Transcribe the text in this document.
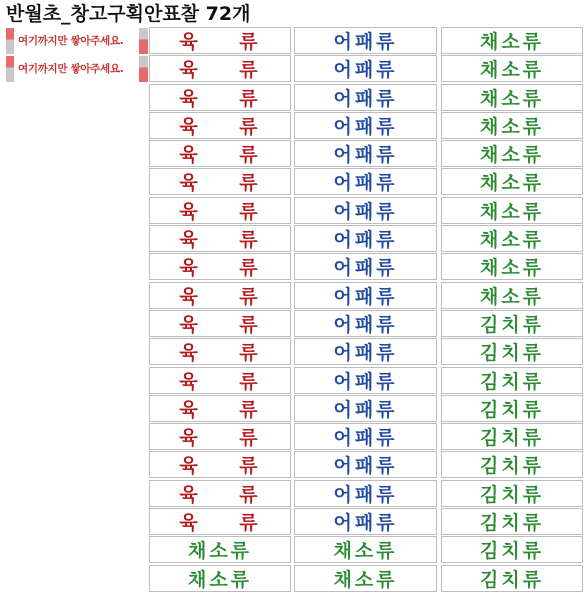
반월초_창고구획안표찰 72개
여기까지만 쌓아주세요.
여기까지만 쌓아주세요.
육    류	어패류	채소류
육    류	어패류	채소류
육    류	어패류	채소류
육    류	어패류	채소류
육    류	어패류	채소류
육    류	어패류	채소류
육    류	어패류	채소류
육    류	어패류	채소류
육    류	어패류	채소류
육    류	어패류	채소류
육    류	어패류	김치류
육    류	어패류	김치류
육    류	어패류	김치류
육    류	어패류	김치류
육    류	어패류	김치류
육    류	어패류	김치류
육    류	어패류	김치류
육    류	어패류	김치류
채소류	채소류	김치류
채소류	채소류	김치류
